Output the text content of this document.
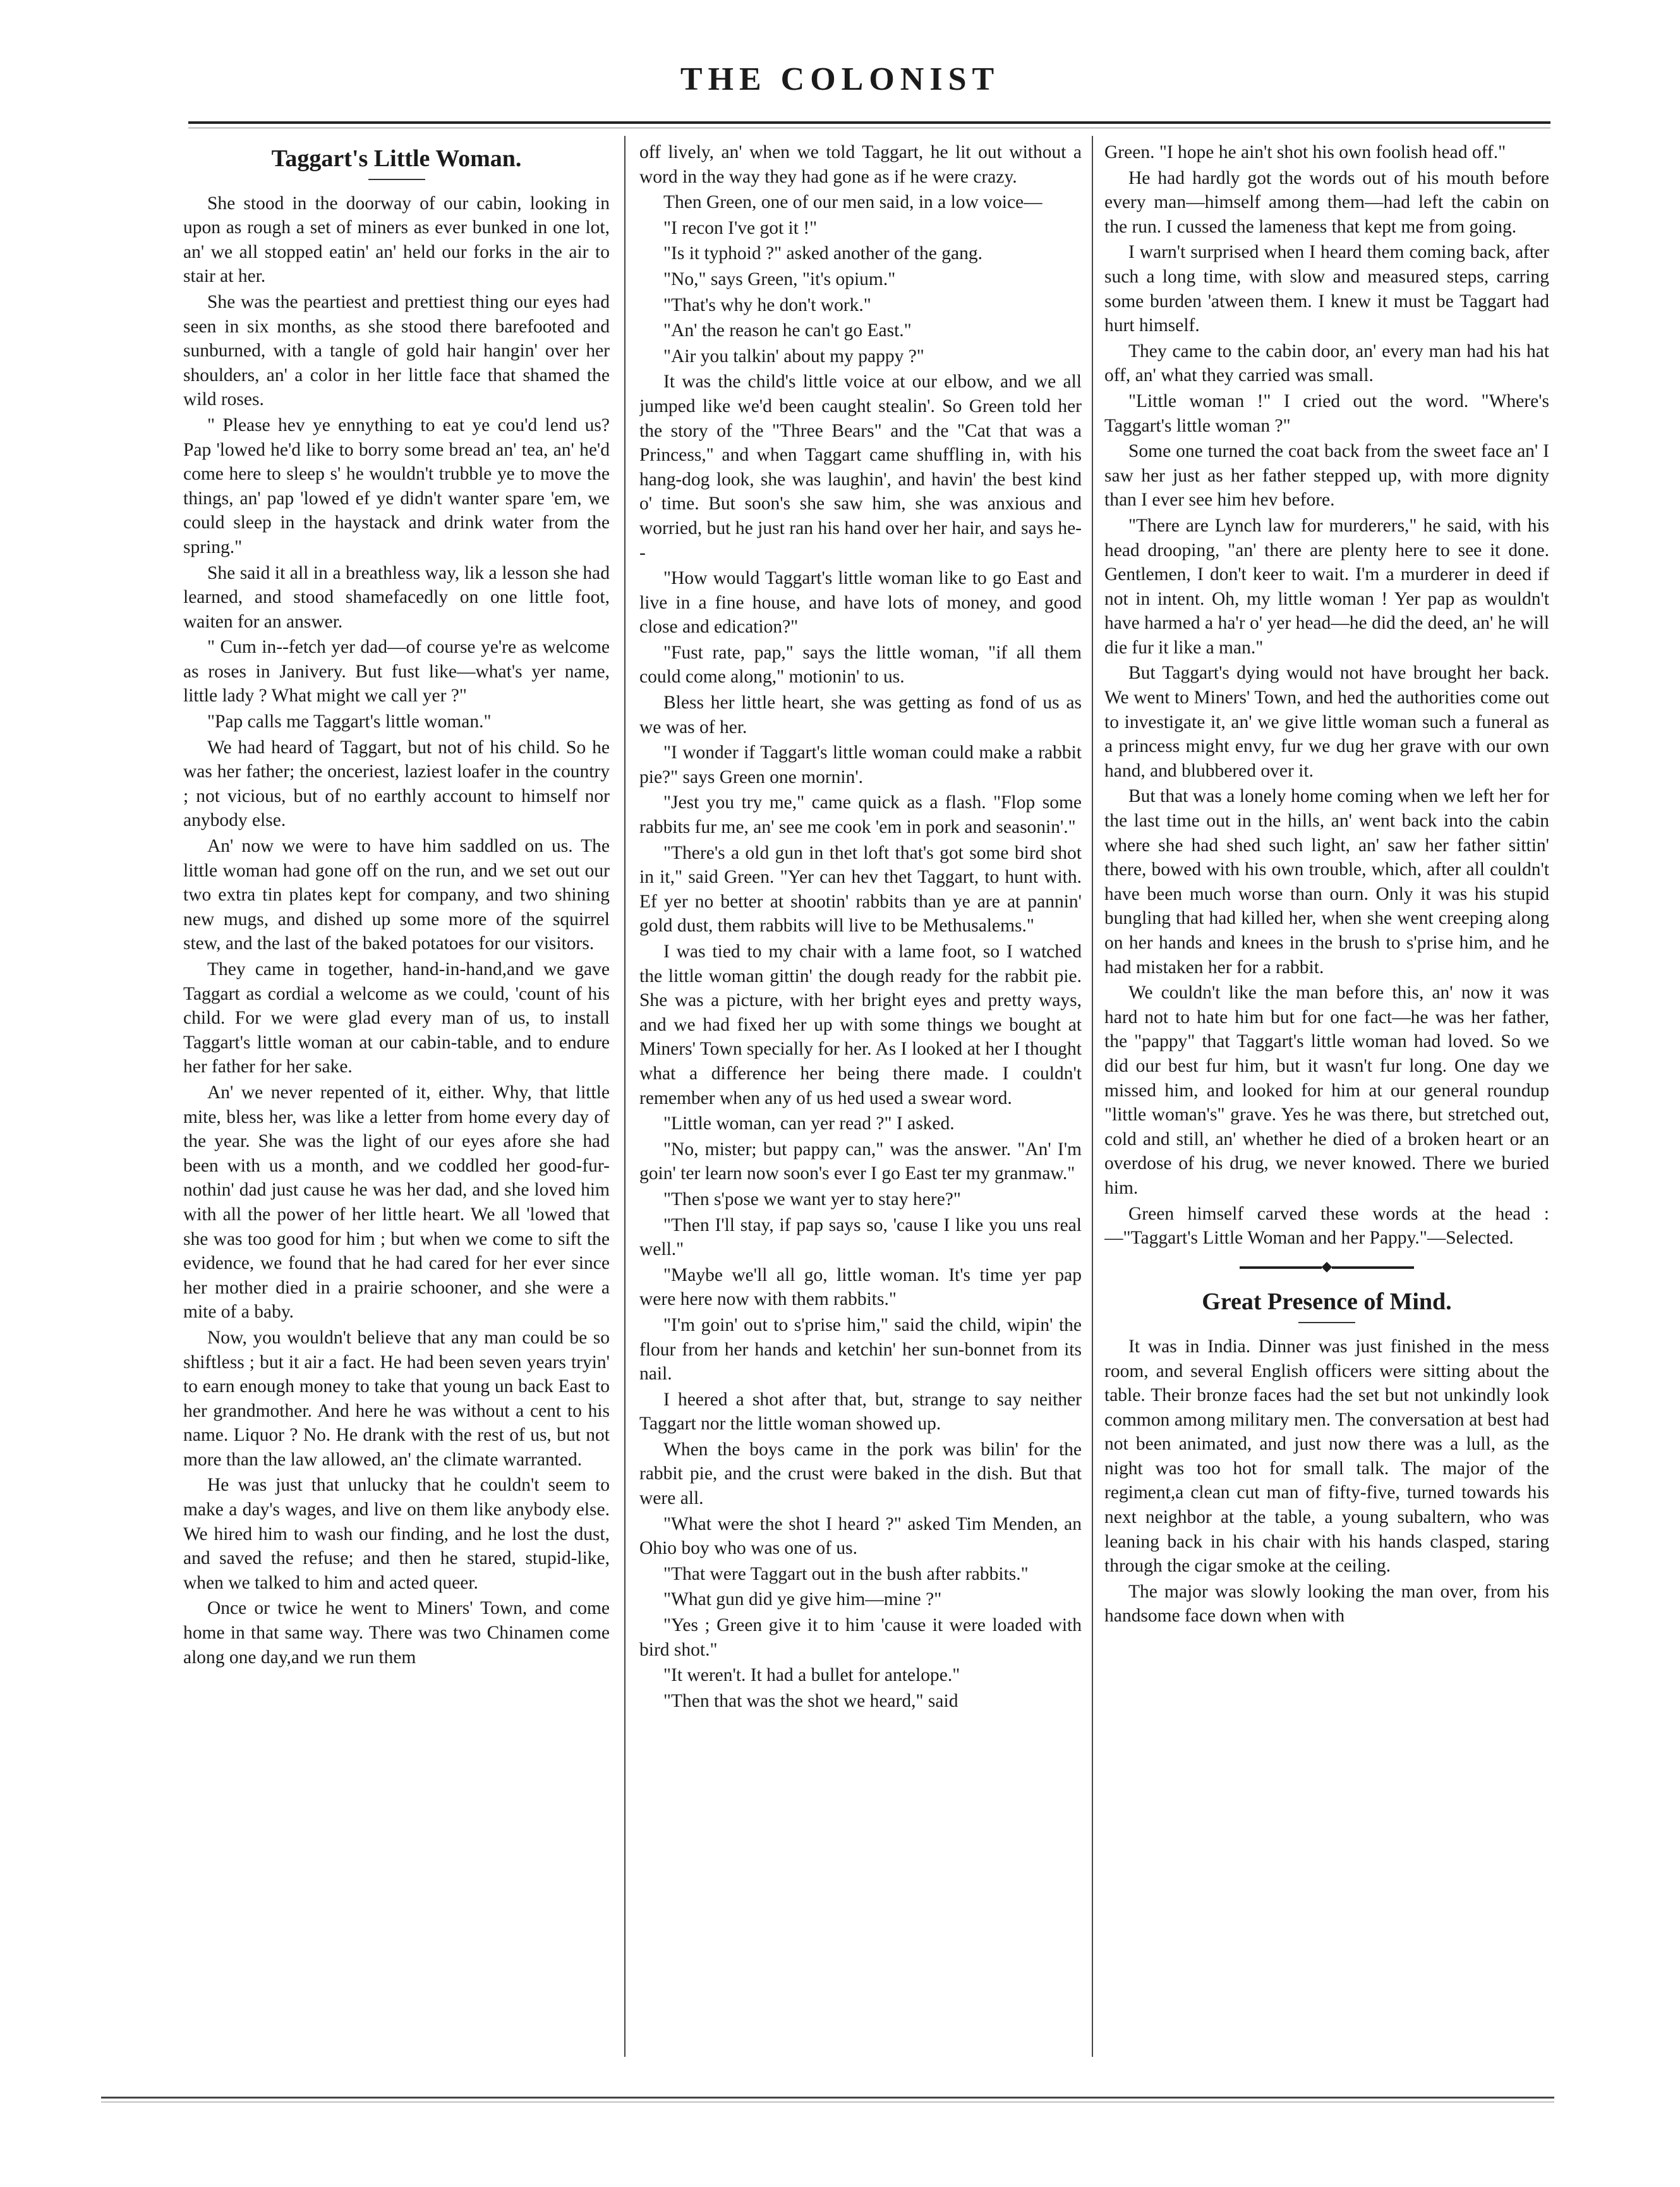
THE COLONIST
Taggart's Little Woman.

She stood in the doorway of our cabin, looking in upon as rough a set of miners as ever bunked in one lot, an' we all stopped eatin' an' held our forks in the air to stair at her.

She was the peartiest and prettiest thing our eyes had seen in six months, as she stood there barefooted and sunburned, with a tangle of gold hair hangin' over her shoulders, an' a color in her little face that shamed the wild roses.

" Please hev ye ennything to eat ye cou'd lend us? Pap 'lowed he'd like to borry some bread an' tea, an' he'd come here to sleep s' he wouldn't trubble ye to move the things, an' pap 'lowed ef ye didn't wanter spare 'em, we could sleep in the haystack and drink water from the spring."

She said it all in a breathless way, lik a lesson she had learned, and stood shamefacedly on one little foot, waiten for an answer.

" Cum in--fetch yer dad—of course ye're as welcome as roses in Janivery. But fust like—what's yer name, little lady ? What might we call yer ?"

"Pap calls me Taggart's little woman."

We had heard of Taggart, but not of his child. So he was her father; the onceriest, laziest loafer in the country ; not vicious, but of no earthly account to himself nor anybody else.

An' now we were to have him saddled on us. The little woman had gone off on the run, and we set out our two extra tin plates kept for company, and two shining new mugs, and dished up some more of the squirrel stew, and the last of the baked potatoes for our visitors.

They came in together, hand-in-hand,and we gave Taggart as cordial a welcome as we could, 'count of his child. For we were glad every man of us, to install Taggart's little woman at our cabin-table, and to endure her father for her sake.

An' we never repented of it, either. Why, that little mite, bless her, was like a letter from home every day of the year. She was the light of our eyes afore she had been with us a month, and we coddled her good-fur-nothin' dad just cause he was her dad, and she loved him with all the power of her little heart. We all 'lowed that she was too good for him ; but when we come to sift the evidence, we found that he had cared for her ever since her mother died in a prairie schooner, and she were a mite of a baby.

Now, you wouldn't believe that any man could be so shiftless ; but it air a fact. He had been seven years tryin' to earn enough money to take that young un back East to her grandmother. And here he was without a cent to his name. Liquor ? No. He drank with the rest of us, but not more than the law allowed, an' the climate warranted.

He was just that unlucky that he couldn't seem to make a day's wages, and live on them like anybody else. We hired him to wash our finding, and he lost the dust, and saved the refuse; and then he stared, stupid-like, when we talked to him and acted queer.

Once or twice he went to Miners' Town, and come home in that same way. There was two Chinamen come along one day,and we run them

off lively, an' when we told Taggart, he lit out without a word in the way they had gone as if he were crazy.

Then Green, one of our men said, in a low voice—

"I recon I've got it !"

"Is it typhoid ?" asked another of the gang.

"No," says Green, "it's opium."

"That's why he don't work."

"An' the reason he can't go East."

"Air you talkin' about my pappy ?"

It was the child's little voice at our elbow, and we all jumped like we'd been caught stealin'. So Green told her the story of the "Three Bears" and the "Cat that was a Princess," and when Taggart came shuffling in, with his hang-dog look, she was laughin', and havin' the best kind o' time. But soon's she saw him, she was anxious and worried, but he just ran his hand over her hair, and says he--

"How would Taggart's little woman like to go East and live in a fine house, and have lots of money, and good close and edication?"

"Fust rate, pap," says the little woman, "if all them could come along," motionin' to us.

Bless her little heart, she was getting as fond of us as we was of her.

"I wonder if Taggart's little woman could make a rabbit pie?" says Green one mornin'.

"Jest you try me," came quick as a flash. "Flop some rabbits fur me, an' see me cook 'em in pork and seasonin'."

"There's a old gun in thet loft that's got some bird shot in it," said Green. "Yer can hev thet Taggart, to hunt with. Ef yer no better at shootin' rabbits than ye are at pannin' gold dust, them rabbits will live to be Methusalems."

I was tied to my chair with a lame foot, so I watched the little woman gittin' the dough ready for the rabbit pie. She was a picture, with her bright eyes and pretty ways, and we had fixed her up with some things we bought at Miners' Town specially for her. As I looked at her I thought what a difference her being there made. I couldn't remember when any of us hed used a swear word.

"Little woman, can yer read ?" I asked.

"No, mister; but pappy can," was the answer. "An' I'm goin' ter learn now soon's ever I go East ter my granmaw."

"Then s'pose we want yer to stay here?"

"Then I'll stay, if pap says so, 'cause I like you uns real well."

"Maybe we'll all go, little woman. It's time yer pap were here now with them rabbits."

"I'm goin' out to s'prise him," said the child, wipin' the flour from her hands and ketchin' her sun-bonnet from its nail.

I heered a shot after that, but, strange to say neither Taggart nor the little woman showed up.

When the boys came in the pork was bilin' for the rabbit pie, and the crust were baked in the dish. But that were all.

"What were the shot I heard ?" asked Tim Menden, an Ohio boy who was one of us.

"That were Taggart out in the bush after rabbits."

"What gun did ye give him—mine ?"

"Yes ; Green give it to him 'cause it were loaded with bird shot."

"It weren't. It had a bullet for antelope."

"Then that was the shot we heard," said

Green. "I hope he ain't shot his own foolish head off."

He had hardly got the words out of his mouth before every man—himself among them—had left the cabin on the run. I cussed the lameness that kept me from going.

I warn't surprised when I heard them coming back, after such a long time, with slow and measured steps, carring some burden 'atween them. I knew it must be Taggart had hurt himself.

They came to the cabin door, an' every man had his hat off, an' what they carried was small.

"Little woman !" I cried out the word. "Where's Taggart's little woman ?"

Some one turned the coat back from the sweet face an' I saw her just as her father stepped up, with more dignity than I ever see him hev before.

"There are Lynch law for murderers," he said, with his head drooping, "an' there are plenty here to see it done. Gentlemen, I don't keer to wait. I'm a murderer in deed if not in intent. Oh, my little woman ! Yer pap as wouldn't have harmed a ha'r o' yer head—he did the deed, an' he will die fur it like a man."

But Taggart's dying would not have brought her back. We went to Miners' Town, and hed the authorities come out to investigate it, an' we give little woman such a funeral as a princess might envy, fur we dug her grave with our own hand, and blubbered over it.

But that was a lonely home coming when we left her for the last time out in the hills, an' went back into the cabin where she had shed such light, an' saw her father sittin' there, bowed with his own trouble, which, after all couldn't have been much worse than ourn. Only it was his stupid bungling that had killed her, when she went creeping along on her hands and knees in the brush to s'prise him, and he had mistaken her for a rabbit.

We couldn't like the man before this, an' now it was hard not to hate him but for one fact—he was her father, the "pappy" that Taggart's little woman had loved. So we did our best fur him, but it wasn't fur long. One day we missed him, and looked for him at our general roundup "little woman's" grave. Yes he was there, but stretched out, cold and still, an' whether he died of a broken heart or an overdose of his drug, we never knowed. There we buried him.

Green himself carved these words at the head :—"Taggart's Little Woman and her Pappy."—Selected.

◆
Great Presence of Mind.

It was in India. Dinner was just finished in the mess room, and several English officers were sitting about the table. Their bronze faces had the set but not unkindly look common among military men. The conversation at best had not been animated, and just now there was a lull, as the night was too hot for small talk. The major of the regiment,a clean cut man of fifty-five, turned towards his next neighbor at the table, a young subaltern, who was leaning back in his chair with his hands clasped, staring through the cigar smoke at the ceiling.

The major was slowly looking the man over, from his handsome face down when with
